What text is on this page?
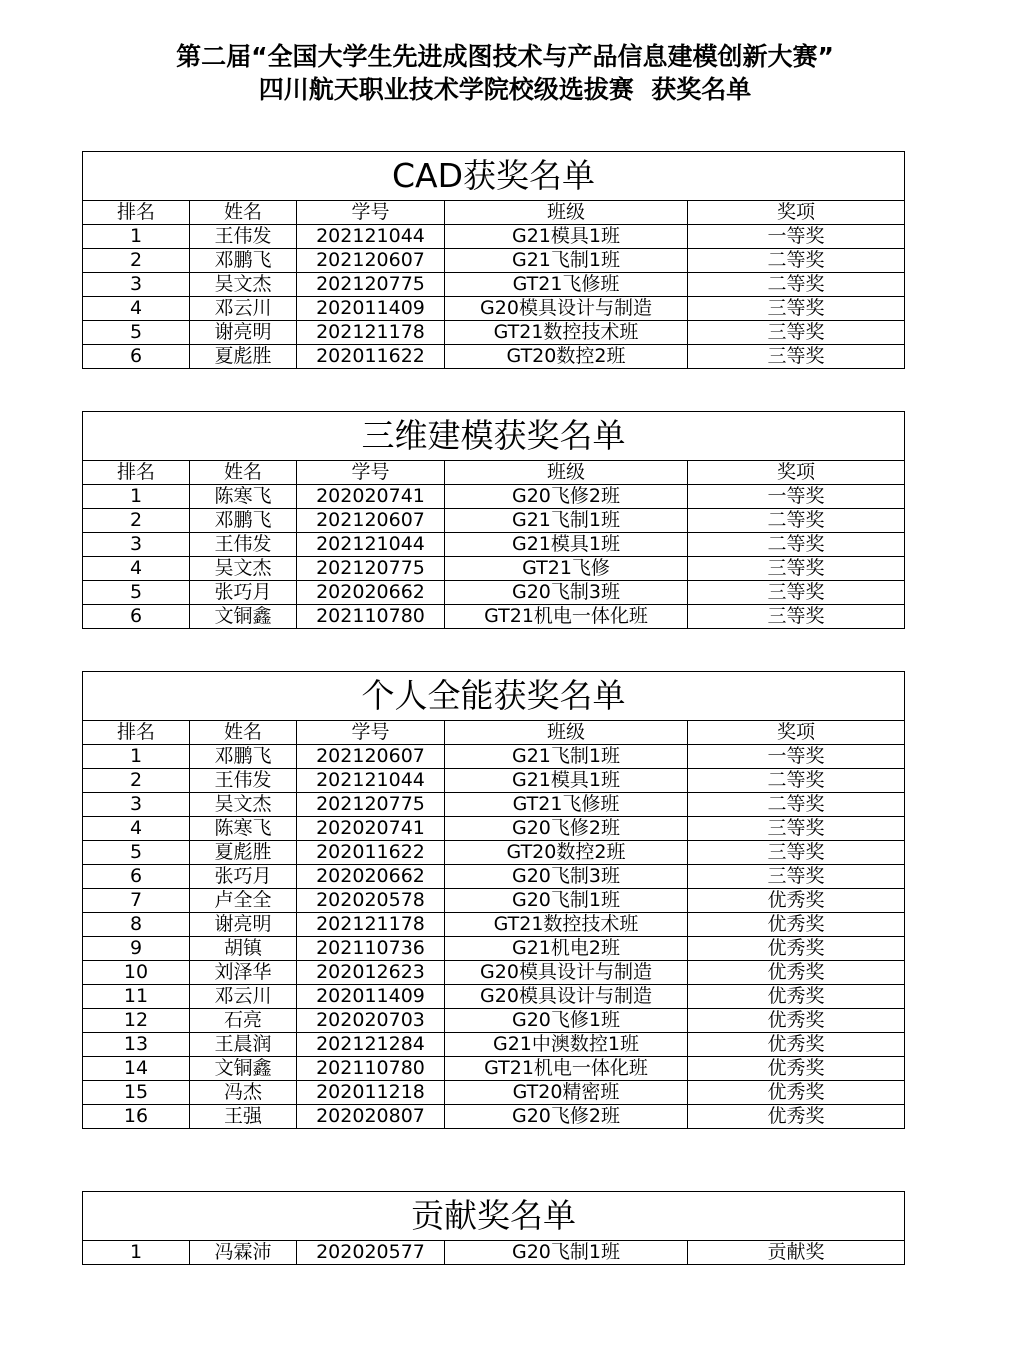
第二届“全国大学生先进成图技术与产品信息建模创新大赛”
四川航天职业技术学院校级选拔赛  获奖名单
CAD获奖名单				
排名	姓名	学号	班级	奖项
1	王伟发	202121044	G21模具1班	一等奖
2	邓鹏飞	202120607	G21飞制1班	二等奖
3	吴文杰	202120775	GT21飞修班	二等奖
4	邓云川	202011409	G20模具设计与制造	三等奖
5	谢亮明	202121178	GT21数控技术班	三等奖
6	夏彪胜	202011622	GT20数控2班	三等奖
三维建模获奖名单				
排名	姓名	学号	班级	奖项
1	陈寒飞	202020741	G20飞修2班	一等奖
2	邓鹏飞	202120607	G21飞制1班	二等奖
3	王伟发	202121044	G21模具1班	二等奖
4	吴文杰	202120775	GT21飞修	三等奖
5	张巧月	202020662	G20飞制3班	三等奖
6	文铜鑫	202110780	GT21机电一体化班	三等奖
个人全能获奖名单				
排名	姓名	学号	班级	奖项
1	邓鹏飞	202120607	G21飞制1班	一等奖
2	王伟发	202121044	G21模具1班	二等奖
3	吴文杰	202120775	GT21飞修班	二等奖
4	陈寒飞	202020741	G20飞修2班	三等奖
5	夏彪胜	202011622	GT20数控2班	三等奖
6	张巧月	202020662	G20飞制3班	三等奖
7	卢全全	202020578	G20飞制1班	优秀奖
8	谢亮明	202121178	GT21数控技术班	优秀奖
9	胡镇	202110736	G21机电2班	优秀奖
10	刘泽华	202012623	G20模具设计与制造	优秀奖
11	邓云川	202011409	G20模具设计与制造	优秀奖
12	石亮	202020703	G20飞修1班	优秀奖
13	王晨润	202121284	G21中澳数控1班	优秀奖
14	文铜鑫	202110780	GT21机电一体化班	优秀奖
15	冯杰	202011218	GT20精密班	优秀奖
16	王强	202020807	G20飞修2班	优秀奖
贡献奖名单
1	冯霖沛	202020577	G20飞制1班	贡献奖
